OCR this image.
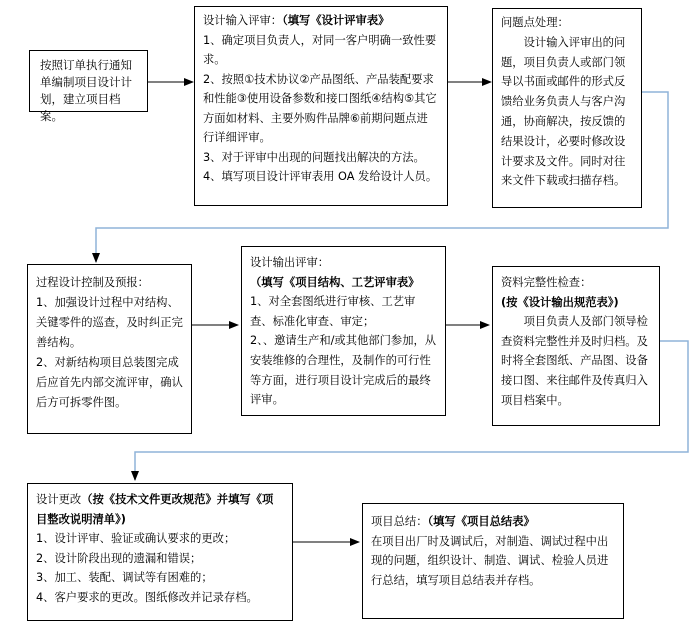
按照订单执行通知单编制项目设计计划，建立项目档案。

设计输入评审：（填写《设计评审表》

1、确定项目负责人，对同一客户明确一致性要求。

2、按照①技术协议②产品图纸、产品装配要求和性能③使用设备参数和接口图纸④结构⑤其它方面如材料、主要外购件品牌⑥前期问题点进行详细评审。

3、对于评审中出现的问题找出解决的方法。

4、填写项目设计评审表用 OA 发给设计人员。

问题点处理：

设计输入评审出的问题，项目负责人或部门领导以书面或邮件的形式反馈给业务负责人与客户沟通，协商解决，按反馈的结果设计，必要时修改设计要求及文件。同时对往来文件下载或扫描存档。

过程设计控制及预报：

1、加强设计过程中对结构、关键零件的巡查，及时纠正完善结构。

2、对新结构项目总装图完成后应首先内部交流评审，确认后方可拆零件图。

设计输出评审：

（填写《项目结构、工艺评审表》

1、对全套图纸进行审核、工艺审查、标准化审查、审定；

2、、邀请生产和/或其他部门参加，从安装维修的合理性，及制作的可行性等方面，进行项目设计完成后的最终评审。

资料完整性检查：

(按《设计输出规范表》)

项目负责人及部门领导检查资料完整性并及时归档。及时将全套图纸、产品图、设备接口图、来往邮件及传真归入项目档案中。

设计更改（按《技术文件更改规范》并填写《项目整改说明清单》)

1、设计评审、验证或确认要求的更改；

2、设计阶段出现的遗漏和错误；

3、加工、装配、调试等有困难的；

4、客户要求的更改。图纸修改并记录存档。

项目总结：（填写《项目总结表》

在项目出厂时及调试后，对制造、调试过程中出现的问题，组织设计、制造、调试、检验人员进行总结，填写项目总结表并存档。
